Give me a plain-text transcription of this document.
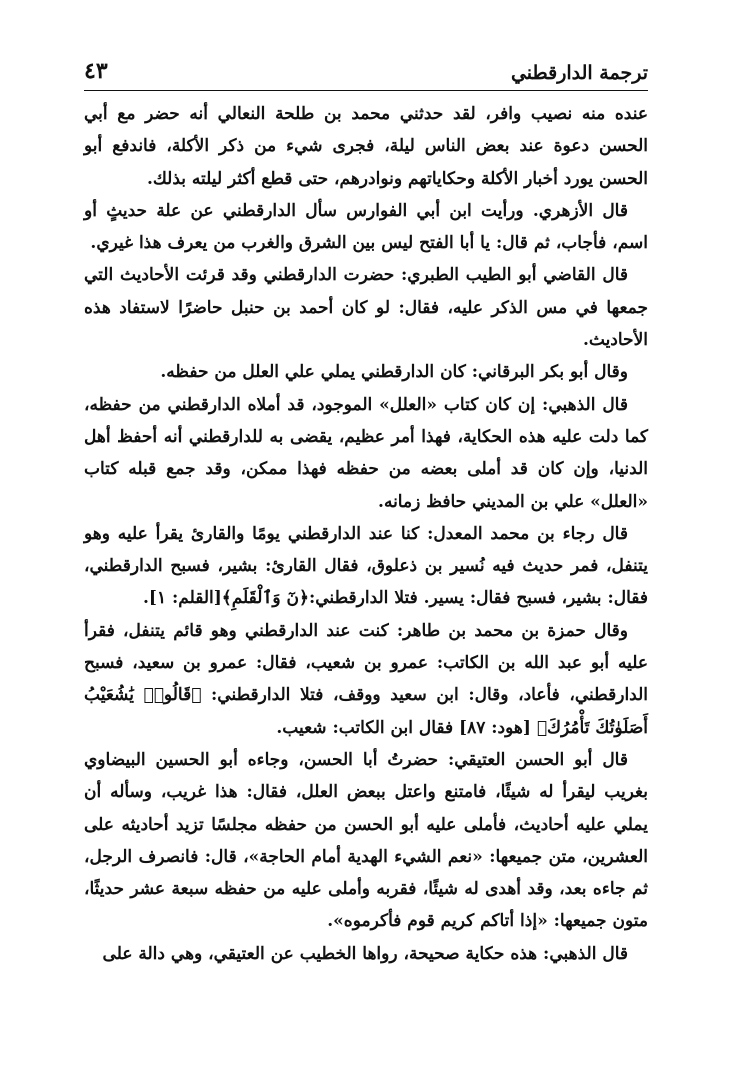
ترجمة الدارقطني
٤٣

عنده منه نصيب وافر، لقد حدثني محمد بن طلحة النعالي أنه حضر مع أبي الحسن دعوة عند بعض الناس ليلة، فجرى شيء من ذكر الأكلة، فاندفع أبو الحسن يورد أخبار الأكلة وحكاياتهم ونوادرهم، حتى قطع أكثر ليلته بذلك.

قال الأزهري. ورأيت ابن أبي الفوارس سأل الدارقطني عن علة حديثٍ أو اسم، فأجاب، ثم قال: يا أبا الفتح ليس بين الشرق والغرب من يعرف هذا غيري.

قال القاضي أبو الطيب الطبري: حضرت الدارقطني وقد قرئت الأحاديث التي جمعها في مس الذكر عليه، فقال: لو كان أحمد بن حنبل حاضرًا لاستفاد هذه الأحاديث.

وقال أبو بكر البرقاني: كان الدارقطني يملي علي العلل من حفظه.

قال الذهبي: إن كان كتاب «العلل» الموجود، قد أملاه الدارقطني من حفظه، كما دلت عليه هذه الحكاية، فهذا أمر عظيم، يقضى به للدارقطني أنه أحفظ أهل الدنيا، وإن كان قد أملى بعضه من حفظه فهذا ممكن، وقد جمع قبله كتاب «العلل» علي بن المديني حافظ زمانه.

قال رجاء بن محمد المعدل: كنا عند الدارقطني يومًا والقارئ يقرأ عليه وهو يتنفل، فمر حديث فيه نُسير بن ذعلوق، فقال القارئ: بشير، فسبح الدارقطني، فقال: بشير، فسبح فقال: يسير. فتلا الدارقطني:﴿نٓ وَٱلْقَلَمِ﴾[القلم: ١].

وقال حمزة بن محمد بن طاهر: كنت عند الدارقطني وهو قائم يتنفل، فقرأ عليه أبو عبد الله بن الكاتب: عمرو بن شعيب، فقال: عمرو بن سعيد، فسبح الدارقطني، فأعاد، وقال: ابن سعيد ووقف، فتلا الدارقطني: ﴿قَالُوا۟ يَٰشُعَيْبُ أَصَلَوٰتُكَ تَأْمُرُكَ﴾ [هود: ٨٧] فقال ابن الكاتب: شعيب.

قال أبو الحسن العتيقي: حضرتُ أبا الحسن، وجاءه أبو الحسين البيضاوي بغريب ليقرأ له شيئًا، فامتنع واعتل ببعض العلل، فقال: هذا غريب، وسأله أن يملي عليه أحاديث، فأملى عليه أبو الحسن من حفظه مجلسًا تزيد أحاديثه على العشرين، متن جميعها: «نعم الشيء الهدية أمام الحاجة»، قال: فانصرف الرجل، ثم جاءه بعد، وقد أهدى له شيئًا، فقربه وأملى عليه من حفظه سبعة عشر حديثًا، متون جميعها: «إذا أتاكم كريم قوم فأكرموه».

قال الذهبي: هذه حكاية صحيحة، رواها الخطيب عن العتيقي، وهي دالة على
